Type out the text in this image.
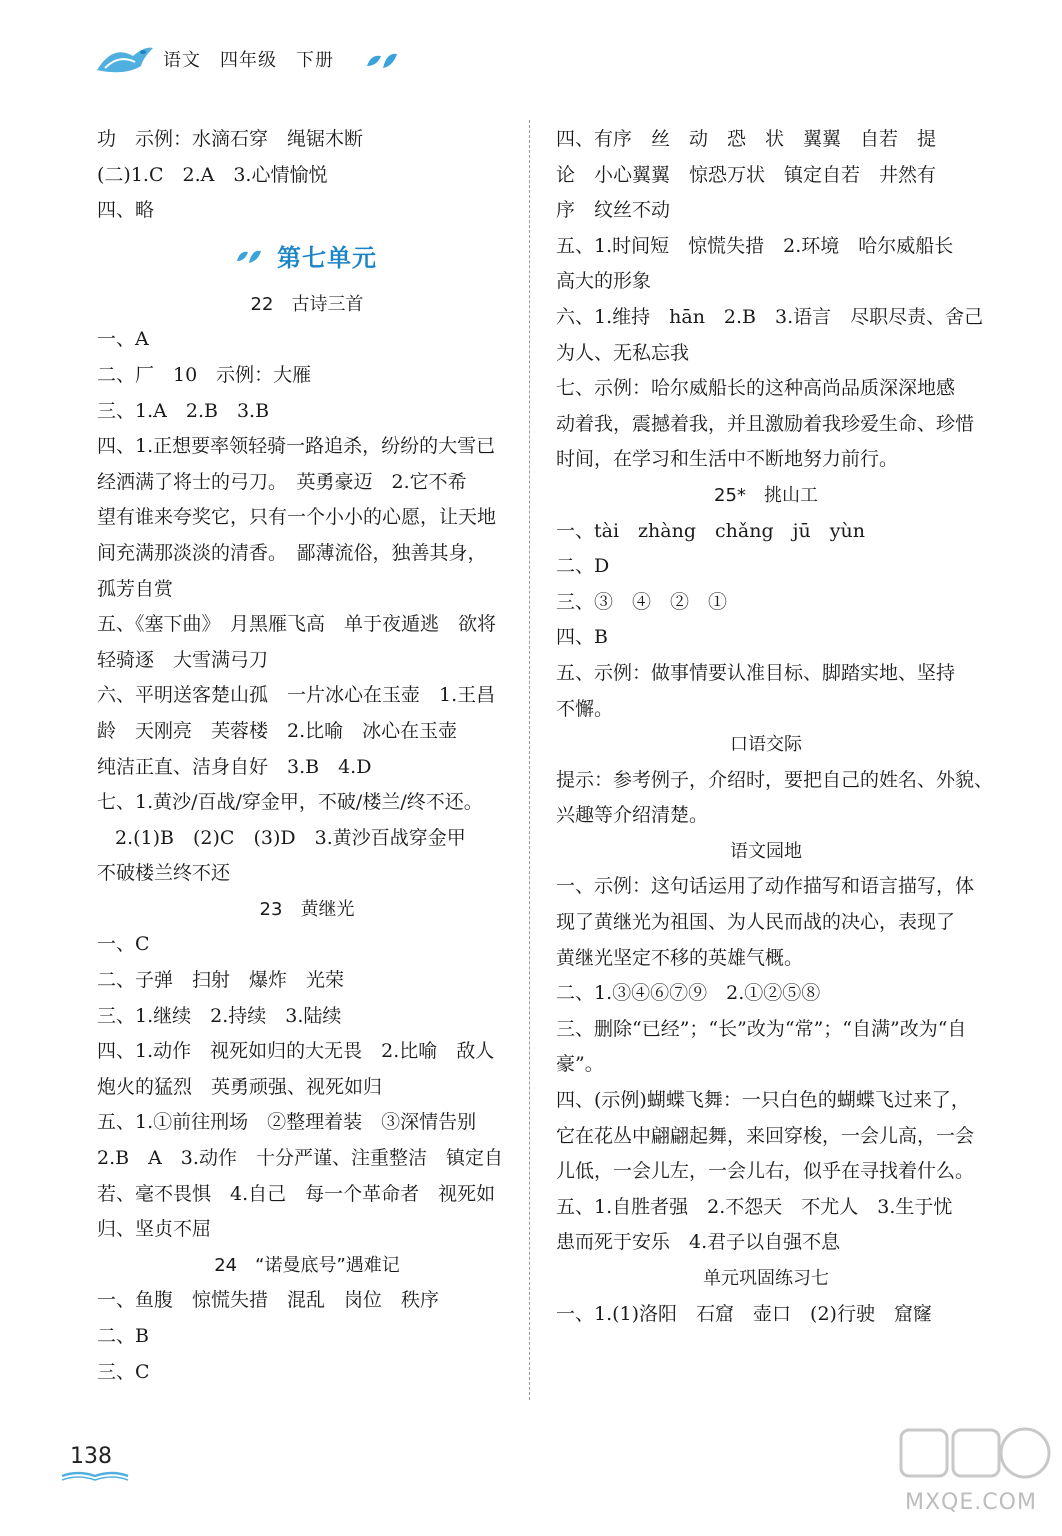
语文　四年级　下册
功　示例：水滴石穿　绳锯木断
(二)1.C　2.A　3.心情愉悦
四、略
第七单元
22　古诗三首
一、A
二、厂　10　示例：大雁
三、1.A　2.B　3.B
四、1.正想要率领轻骑一路追杀，纷纷的大雪已
经洒满了将士的弓刀。　英勇豪迈　2.它不希
望有谁来夸奖它，只有一个小小的心愿，让天地
间充满那淡淡的清香。　鄙薄流俗，独善其身，
孤芳自赏
五、《塞下曲》　月黑雁飞高　单于夜遁逃　欲将
轻骑逐　大雪满弓刀
六、平明送客楚山孤　一片冰心在玉壶　1.王昌
龄　天刚亮　芙蓉楼　2.比喻　冰心在玉壶
纯洁正直、洁身自好　3.B　4.D
七、1.黄沙/百战/穿金甲，不破/楼兰/终不还。
2.(1)B　(2)C　(3)D　3.黄沙百战穿金甲
不破楼兰终不还
23　黄继光
一、C
二、子弹　扫射　爆炸　光荣
三、1.继续　2.持续　3.陆续
四、1.动作　视死如归的大无畏　2.比喻　敌人
炮火的猛烈　英勇顽强、视死如归
五、1.①前往刑场　②整理着装　③深情告别
2.B　A　3.动作　十分严谨、注重整洁　镇定自
若、毫不畏惧　4.自己　每一个革命者　视死如
归、坚贞不屈
24　“诺曼底号”遇难记
一、鱼腹　惊慌失措　混乱　岗位　秩序
二、B
三、C
四、有序　丝　动　恐　状　翼翼　自若　提
论　小心翼翼　惊恐万状　镇定自若　井然有
序　纹丝不动
五、1.时间短　惊慌失措　2.环境　哈尔威船长
高大的形象
六、1.维持　hān　2.B　3.语言　尽职尽责、舍己
为人、无私忘我
七、示例：哈尔威船长的这种高尚品质深深地感
动着我，震撼着我，并且激励着我珍爱生命、珍惜
时间，在学习和生活中不断地努力前行。
25*　挑山工
一、tài　zhàng　chǎng　jū　yùn
二、D
三、③　④　②　①
四、B
五、示例：做事情要认准目标、脚踏实地、坚持
不懈。
口语交际
提示：参考例子，介绍时，要把自己的姓名、外貌、
兴趣等介绍清楚。
语文园地
一、示例：这句话运用了动作描写和语言描写，体
现了黄继光为祖国、为人民而战的决心，表现了
黄继光坚定不移的英雄气概。
二、1.③④⑥⑦⑨　2.①②⑤⑧
三、删除“已经”；“长”改为“常”；“自满”改为“自
豪”。
四、(示例)蝴蝶飞舞：一只白色的蝴蝶飞过来了，
它在花丛中翩翩起舞，来回穿梭，一会儿高，一会
儿低，一会儿左，一会儿右，似乎在寻找着什么。
五、1.自胜者强　2.不怨天　不尤人　3.生于忧
患而死于安乐　4.君子以自强不息
单元巩固练习七
一、1.(1)洛阳　石窟　壶口　(2)行驶　窟窿
138
MXQE.COM
